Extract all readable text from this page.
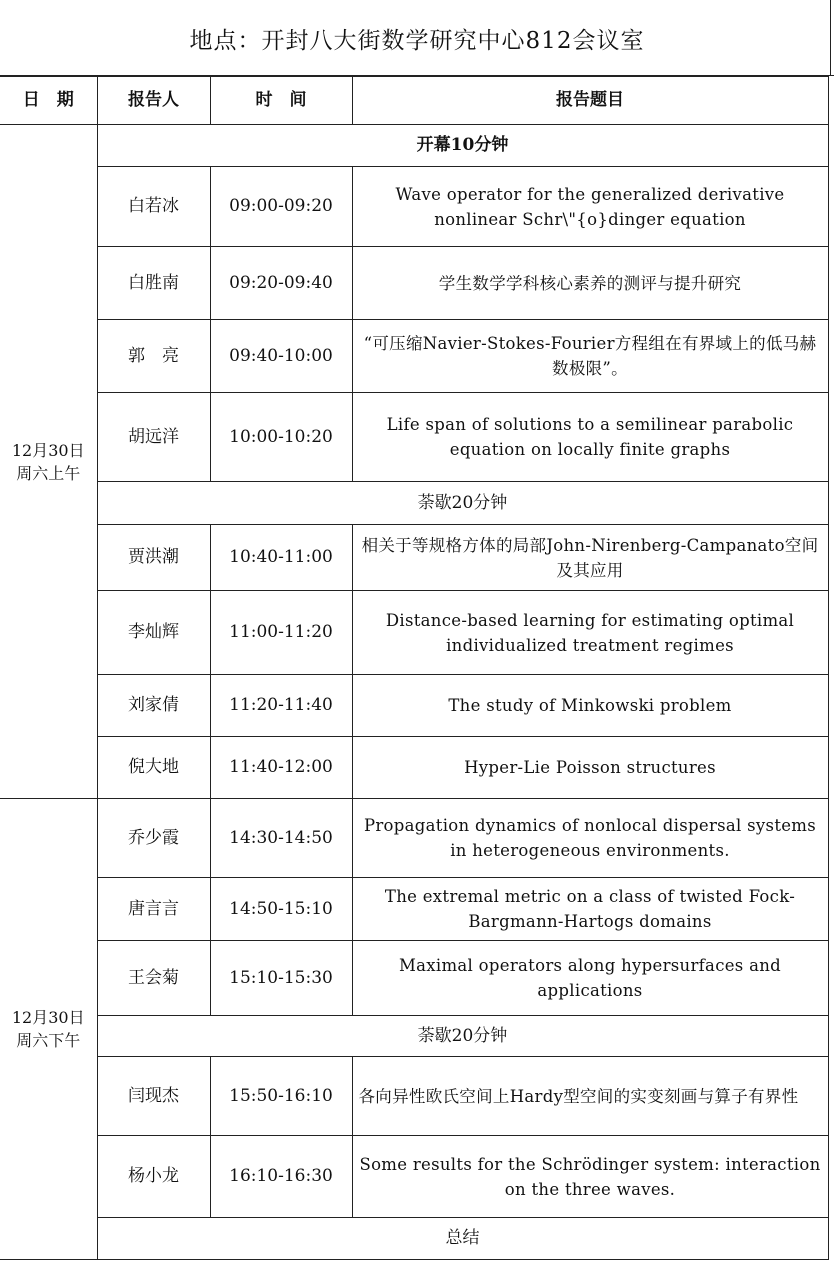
地点：开封八大街数学研究中心812会议室
日　期	报告人	时　间	报告题目

12月30日
周六上午	开幕10分钟		
	白若冰	09:00-09:20	Wave operator for the generalized derivative nonlinear Schr\"{o}dinger equation
	白胜南	09:20-09:40	学生数学学科核心素养的测评与提升研究
	郭　亮	09:40-10:00	“可压缩Navier-Stokes-Fourier方程组在有界域上的低马赫数极限”。
	胡远洋	10:00-10:20	Life span of solutions to a semilinear parabolic equation on locally finite graphs
	荼歇20分钟		
	贾洪潮	10:40-11:00	相关于等规格方体的局部John-Nirenberg-Campanato空间及其应用
	李灿辉	11:00-11:20	Distance-based learning for estimating optimal individualized treatment regimes
	刘家倩	11:20-11:40	The study of Minkowski problem
	倪大地	11:40-12:00	Hyper-Lie Poisson structures

12月30日
周六下午	乔少霞	14:30-14:50	Propagation dynamics of nonlocal dispersal systems in heterogeneous environments.
	唐言言	14:50-15:10	The extremal metric on a class of twisted Fock-Bargmann-Hartogs domains
	王会菊	15:10-15:30	Maximal operators along hypersurfaces and applications
	荼歇20分钟		
	闫现杰	15:50-16:10	各向异性欧氏空间上Hardy型空间的实变刻画与算子有界性
	杨小龙	16:10-16:30	Some results for the Schrödinger system: interaction on the three waves.
	总结		
